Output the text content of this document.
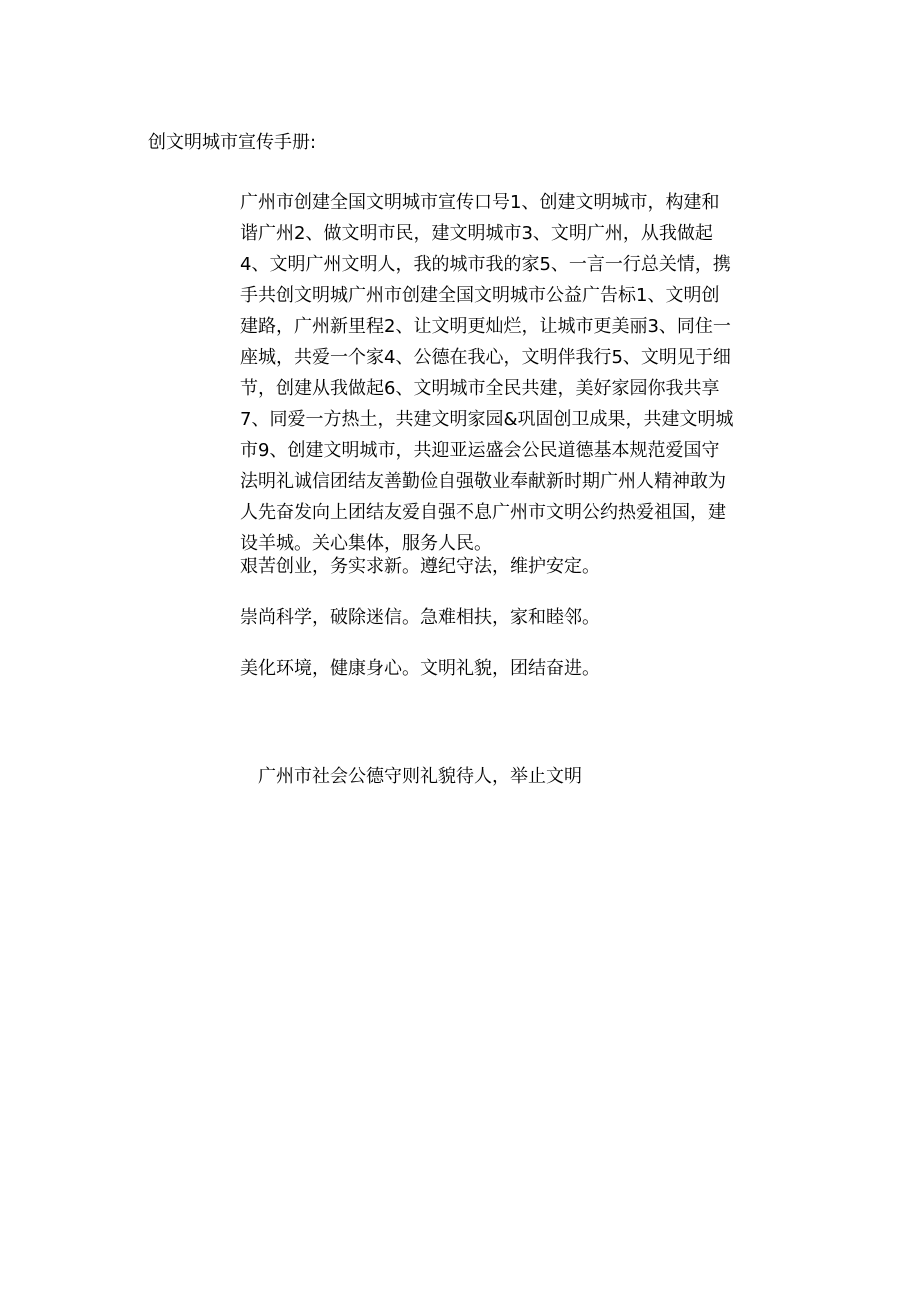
创文明城市宣传手册:
广州市创建全国文明城市宣传口号1、创建文明城市，构建和谐广州2、做文明市民，建文明城市3、文明广州，从我做起4、文明广州文明人，我的城市我的家5、一言一行总关情，携手共创文明城广州市创建全国文明城市公益广告标1、文明创建路，广州新里程2、让文明更灿烂，让城市更美丽3、同住一座城，共爱一个家4、公德在我心，文明伴我行5、文明见于细节，创建从我做起6、文明城市全民共建，美好家园你我共享7、同爱一方热土，共建文明家园&巩固创卫成果，共建文明城市9、创建文明城市，共迎亚运盛会公民道德基本规范爱国守法明礼诚信团结友善勤俭自强敬业奉献新时期广州人精神敢为人先奋发向上团结友爱自强不息广州市文明公约热爱祖国，建设羊城。关心集体，服务人民。
艰苦创业，务实求新。遵纪守法，维护安定。
崇尚科学，破除迷信。急难相扶，家和睦邻。
美化环境，健康身心。文明礼貌，团结奋进。
广州市社会公德守则礼貌待人，举止文明
